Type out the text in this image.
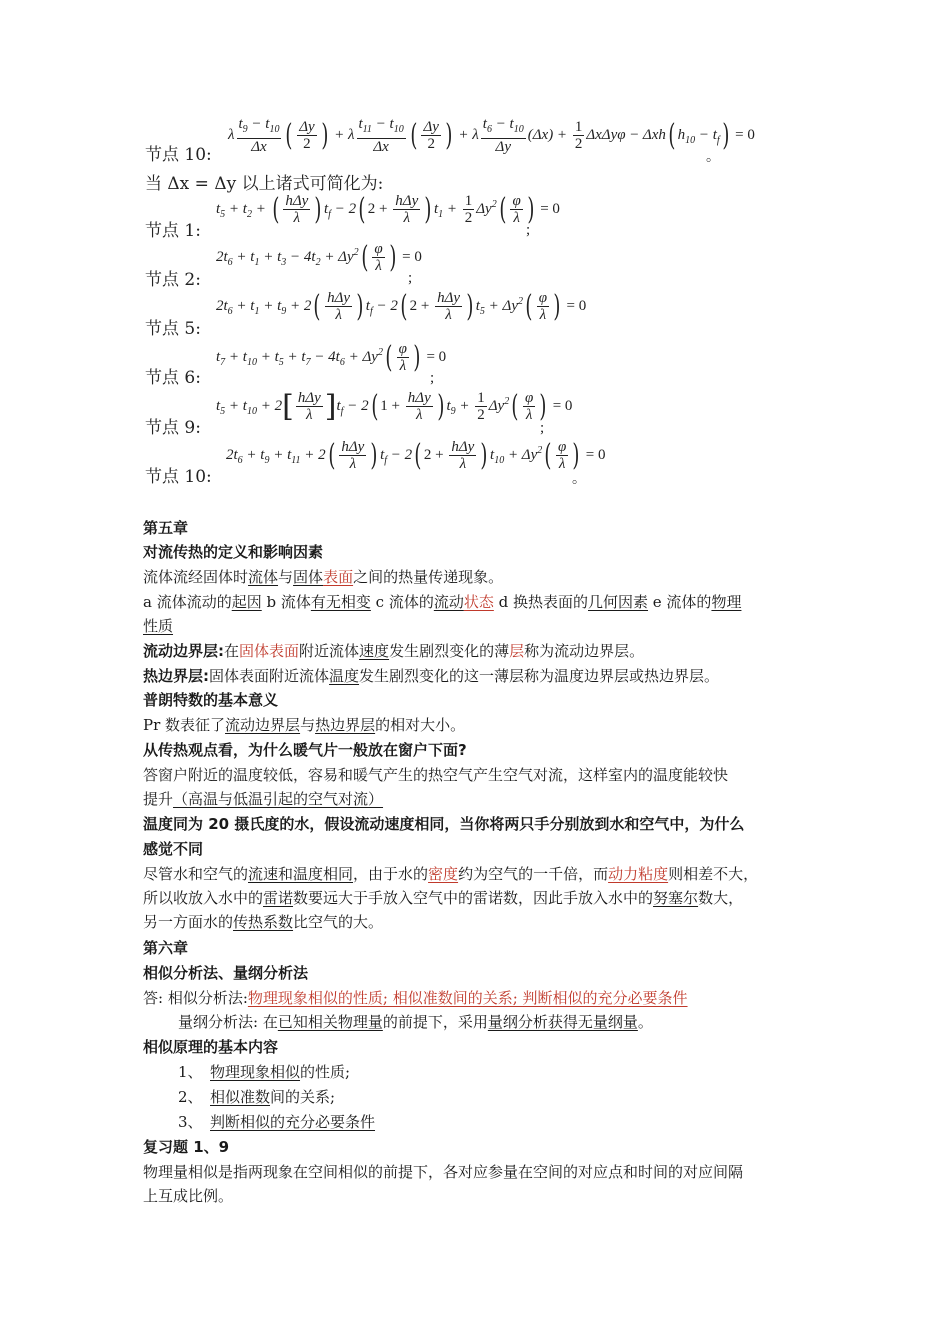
节点 10:
λ $\frac{t_9 - t_{10}}{\Delta x}$ ( $\frac{\Delta y}{2}$ ) + λ $\frac{t_{11} - t_{10}}{\Delta x}$ ( $\frac{\Delta y}{2}$ ) + λ $\frac{t_6 - t_{10}}{\Delta y} (\Delta x) + \frac{1}{2}$ ΔxΔyφ − Δxh( $h_{10} - t_f) = 0$
。
当 Δx = Δy 以上诸式可简化为:
节点 1:
$t_5 + t_2$ + ( $\frac{\text{hΔy}}{\lambda}$ ) $t_f - 2$( $2 + \frac{\text{hΔy}}{\lambda}$ ) $t_1 + \frac{1}{2} \Delta y^2( \frac{\varphi}{\lambda}$ ) = 0
;
节点 2:
$2t_6 + t_1 + t_3 - 4t_2 + \Delta y^2( \frac{\varphi}{\lambda}$ ) = 0
;
节点 5:
$2t_6 + t_1 + t_9 + 2( \frac{\text{hΔy}}{\lambda}$ ) $t_f - 2$( $2 + \frac{\text{hΔy}}{\lambda}$ ) $t_5 + \Delta y^2( \frac{\varphi}{\lambda}$ ) = 0
节点 6:
$t_7 + t_{10} + t_5 + t_7 - 4t_6 + \Delta y^2( \frac{\varphi}{\lambda}$ ) = 0
;
节点 9:
$t_5 + t_{10} + 2[ \frac{\text{hΔy}}{\lambda} ]t_f - 2$( $1 + \frac{\text{hΔy}}{\lambda}$ ) $t_9 + \frac{1}{2} \Delta y^2( \frac{\varphi}{\lambda}$ ) = 0
;
节点 10:
$2t_6 + t_9 + t_{11} + 2( \frac{\text{hΔy}}{\lambda}$ ) $t_f - 2$( $2 + \frac{\text{hΔy}}{\lambda}$ ) $t_{10} + \Delta y^2( \frac{\varphi}{\lambda}$ ) = 0
。
第五章
对流传热的定义和影响因素
流体流经固体时流体与固体表面之间的热量传递现象。
a 流体流动的起因 b 流体有无相变 c 流体的流动状态 d 换热表面的几何因素 e 流体的物理
性质
流动边界层:在固体表面附近流体速度发生剧烈变化的薄层称为流动边界层。
热边界层:固体表面附近流体温度发生剧烈变化的这一薄层称为温度边界层或热边界层。
普朗特数的基本意义
Pr 数表征了流动边界层与热边界层的相对大小。
从传热观点看，为什么暖气片一般放在窗户下面?
答窗户附近的温度较低，容易和暖气产生的热空气产生空气对流，这样室内的温度能较快
提升（高温与低温引起的空气对流）
温度同为 20 摄氏度的水，假设流动速度相同，当你将两只手分别放到水和空气中，为什么
感觉不同
尽管水和空气的流速和温度相同，由于水的密度约为空气的一千倍，而动力粘度则相差不大，
所以收放入水中的雷诺数要远大于手放入空气中的雷诺数，因此手放入水中的努塞尔数大，
另一方面水的传热系数比空气的大。
第六章
相似分析法、量纲分析法
答: 相似分析法:物理现象相似的性质; 相似准数间的关系; 判断相似的充分必要条件
量纲分析法: 在已知相关物理量的前提下，采用量纲分析获得无量纲量。
相似原理的基本内容
1、 物理现象相似的性质;
2、 相似准数间的关系;
3、 判断相似的充分必要条件
复习题 1、9
物理量相似是指两现象在空间相似的前提下，各对应参量在空间的对应点和时间的对应间隔
上互成比例。
